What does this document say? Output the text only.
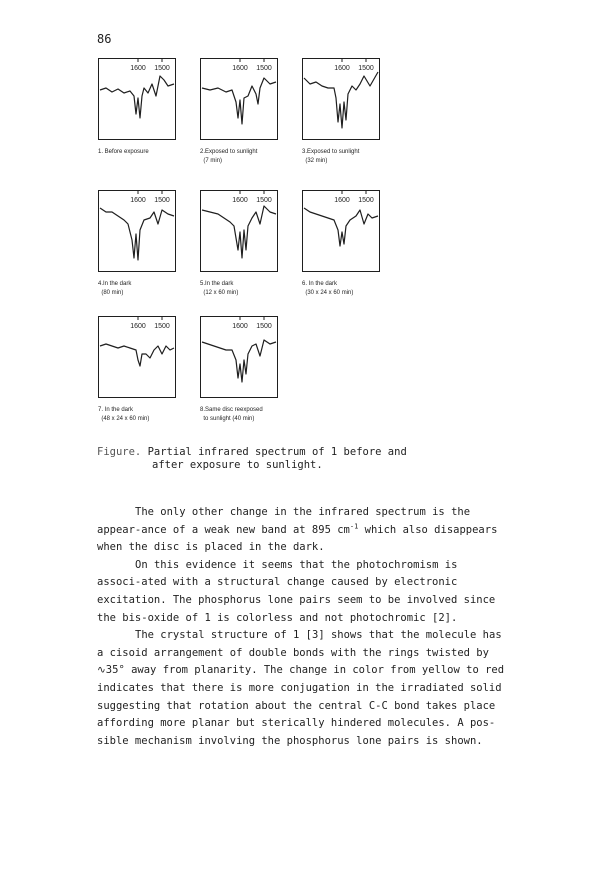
86
1600 1500
1. Before exposure
1600 1500
2.Exposed to sunlight
(7 min)
1600 1500
3.Exposed to sunlight
(32 min)
1600 1500
4.In the dark
(80 min)
1600 1500
5.In the dark
(12 x 60 min)
1600 1500
6. In the dark
(30 x 24 x 60 min)
1600 1500
7. In the dark
(48 x 24 x 60 min)
1600 1500
8.Same disc reexposed
to sunlight (40 min)
Figure. Partial infrared spectrum of 1 before and
after exposure to sunlight.

The only other change in the infrared spectrum is the appear-ance of a weak new band at 895 $cm^{-1}$ which also disappears when the disc is placed in the dark.

On this evidence it seems that the photochromism is associ-ated with a structural change caused by electronic excitation. The phosphorus lone pairs seem to be involved since the bis-oxide of 1 is colorless and not photochromic [2].

The crystal structure of 1 [3] shows that the molecule has a cisoid arrangement of double bonds with the rings twisted by ∿35° away from planarity. The change in color from yellow to red indicates that there is more conjugation in the irradiated solid suggesting that rotation about the central C-C bond takes place affording more planar but sterically hindered molecules. A pos-sible mechanism involving the phosphorus lone pairs is shown.
